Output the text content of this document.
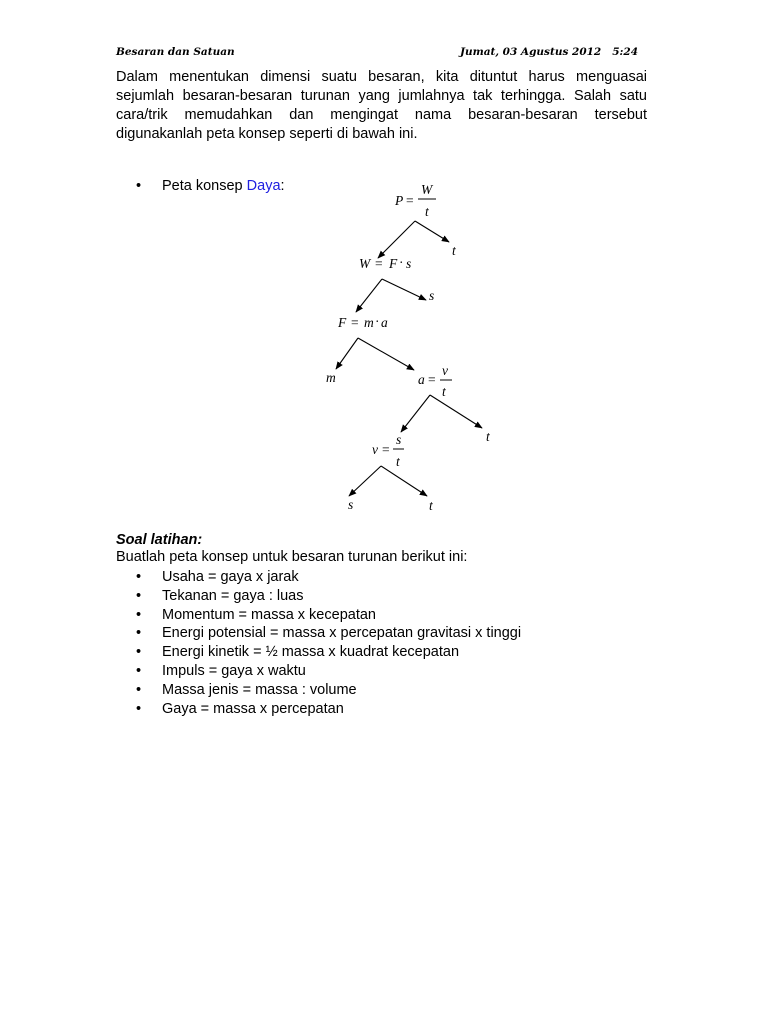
Besaran dan Satuan	Jumat, 03 Agustus 2012   5:24

Dalam menentukan dimensi suatu besaran, kita dituntut harus menguasai sejumlah besaran-besaran turunan yang jumlahnya tak terhingga. Salah satu cara/trik memudahkan dan mengingat nama besaran-besaran tersebut digunakanlah peta konsep seperti di bawah ini.

• Peta konsep Daya:
P =
W
t
t
W = F · s
s
F = m · a
m	a =
v
t
t
v =
s
t
s	t
Soal latihan:
Buatlah peta konsep untuk besaran turunan berikut ini:
• Usaha = gaya x jarak
• Tekanan = gaya : luas
• Momentum = massa x kecepatan
• Energi potensial = massa x percepatan gravitasi x tinggi
• Energi kinetik = ½ massa x kuadrat kecepatan
• Impuls = gaya x waktu
• Massa jenis = massa : volume
• Gaya = massa x percepatan
